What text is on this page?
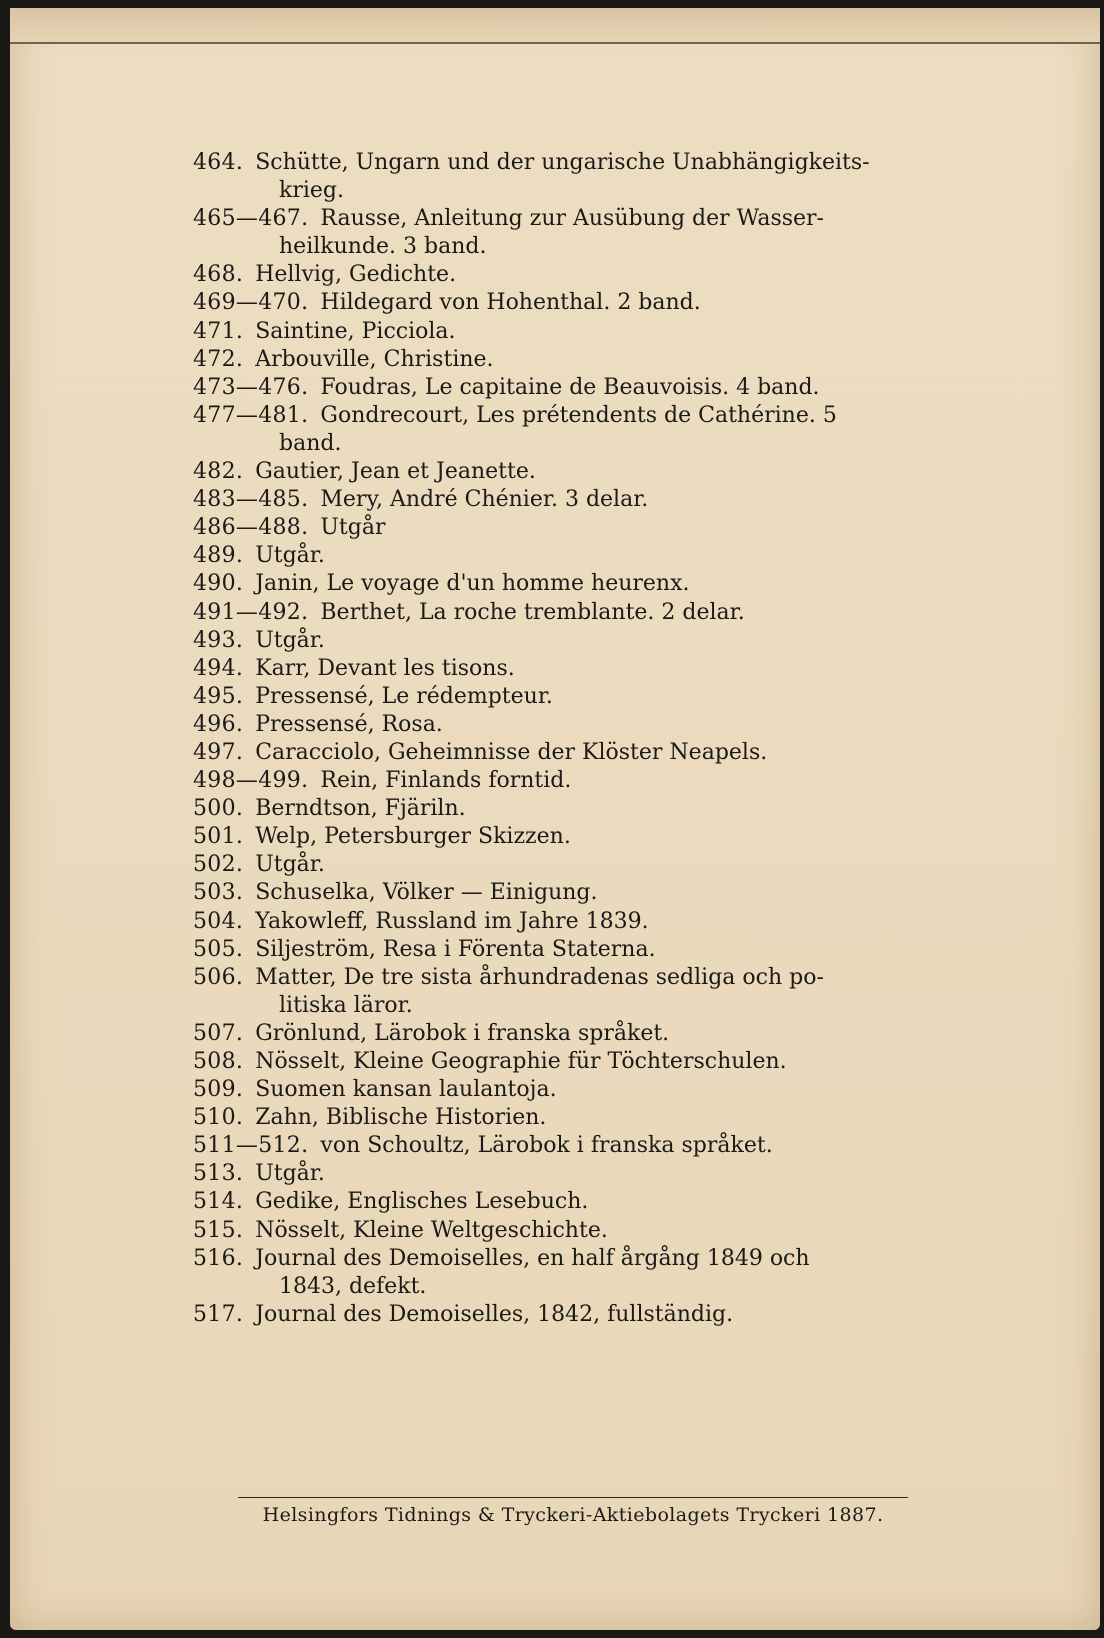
464. Schütte, Ungarn und der ungarische Unabhängigkeits-
krieg.
465—467. Rausse, Anleitung zur Ausübung der Wasser-
heilkunde. 3 band.
468. Hellvig, Gedichte.
469—470. Hildegard von Hohenthal. 2 band.
471. Saintine, Picciola.
472. Arbouville, Christine.
473—476. Foudras, Le capitaine de Beauvoisis. 4 band.
477—481. Gondrecourt, Les prétendents de Cathérine. 5
band.
482. Gautier, Jean et Jeanette.
483—485. Mery, André Chénier. 3 delar.
486—488. Utgår
489. Utgår.
490. Janin, Le voyage d'un homme heurenx.
491—492. Berthet, La roche tremblante. 2 delar.
493. Utgår.
494. Karr, Devant les tisons.
495. Pressensé, Le rédempteur.
496. Pressensé, Rosa.
497. Caracciolo, Geheimnisse der Klöster Neapels.
498—499. Rein, Finlands forntid.
500. Berndtson, Fjäriln.
501. Welp, Petersburger Skizzen.
502. Utgår.
503. Schuselka, Völker — Einigung.
504. Yakowleff, Russland im Jahre 1839.
505. Siljeström, Resa i Förenta Staterna.
506. Matter, De tre sista århundradenas sedliga och po-
litiska läror.
507. Grönlund, Lärobok i franska språket.
508. Nösselt, Kleine Geographie für Töchterschulen.
509. Suomen kansan laulantoja.
510. Zahn, Biblische Historien.
511—512. von Schoultz, Lärobok i franska språket.
513. Utgår.
514. Gedike, Englisches Lesebuch.
515. Nösselt, Kleine Weltgeschichte.
516. Journal des Demoiselles, en half årgång 1849 och
1843, defekt.
517. Journal des Demoiselles, 1842, fullständig.
Helsingfors Tidnings & Tryckeri-Aktiebolagets Tryckeri 1887.
